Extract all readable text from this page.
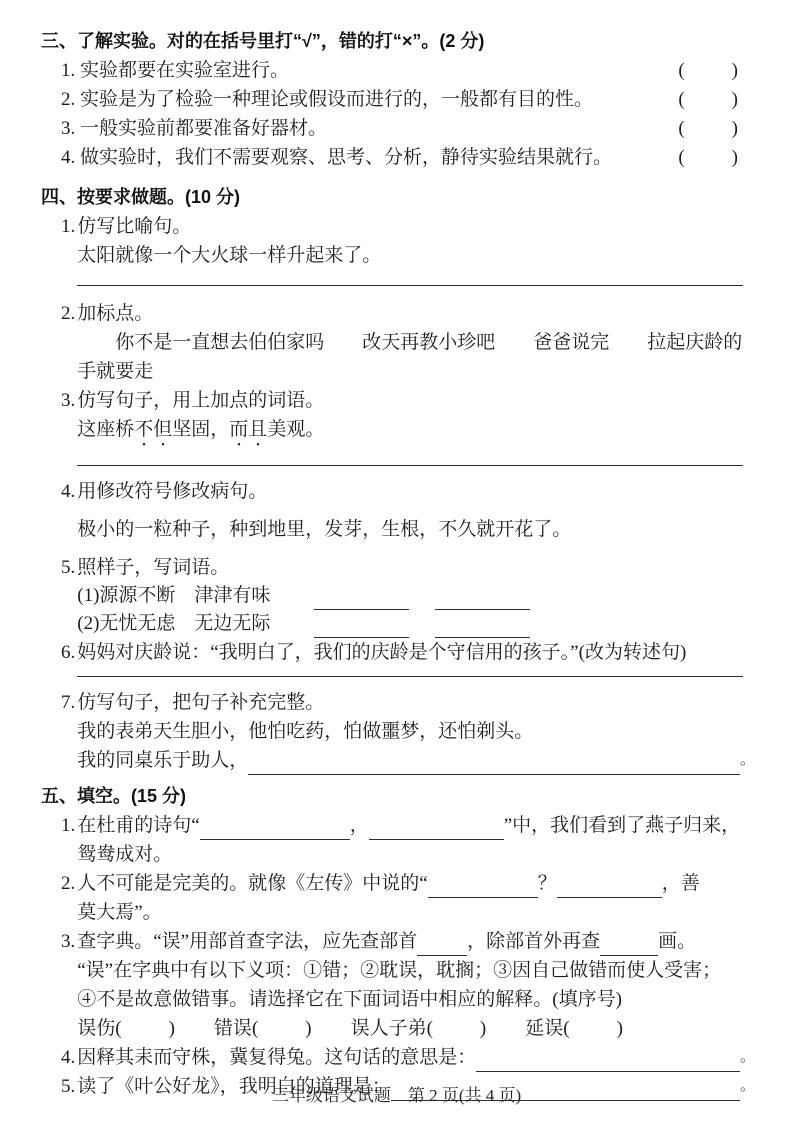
三、了解实验。对的在括号里打“√”，错的打“×”。(2 分)
1. 实验都要在实验室进行。	(　　)
2. 实验是为了检验一种理论或假设而进行的，一般都有目的性。	(　　)
3. 一般实验前都要准备好器材。	(　　)
4. 做实验时，我们不需要观察、思考、分析，静待实验结果就行。	(　　)
四、按要求做题。(10 分)
1. 仿写比喻句。
太阳就像一个大火球一样升起来了。
2. 加标点。
你不是一直想去伯伯家吗　　改天再教小珍吧　　爸爸说完　　拉起庆龄的
手就要走
3. 仿写句子，用上加点的词语。
这座桥不但坚固，而且美观。
4. 用修改符号修改病句。
极小的一粒种子，种到地里，发芽，生根，不久就开花了。
5. 照样子，写词语。
(1)源源不断　津津有味
(2)无忧无虑　无边无际
6. 妈妈对庆龄说：“我明白了，我们的庆龄是个守信用的孩子。”(改为转述句)
7. 仿写句子，把句子补充完整。
我的表弟天生胆小，他怕吃药，怕做噩梦，还怕剃头。
我的同桌乐于助人，	。
五、填空。(15 分)
1. 在杜甫的诗句“	，	”中，我们看到了燕子归来，
鸳鸯成对。
2. 人不可能是完美的。就像《左传》中说的“	？	，善
莫大焉”。
3. 查字典。“误”用部首查字法，应先查部首	，除部首外再查	画。
“误”在字典中有以下义项：①错；②耽误，耽搁；③因自己做错而使人受害；
④不是故意做错事。请选择它在下面词语中相应的解释。(填序号)
误伤(　　) 错误(　　) 误人子弟(　　) 延误(　　)
4. 因释其耒而守株，冀复得兔。这句话的意思是：	。
5. 读了《叶公好龙》，我明白的道理是：	。
三年级语文试题　第 2 页(共 4 页)
